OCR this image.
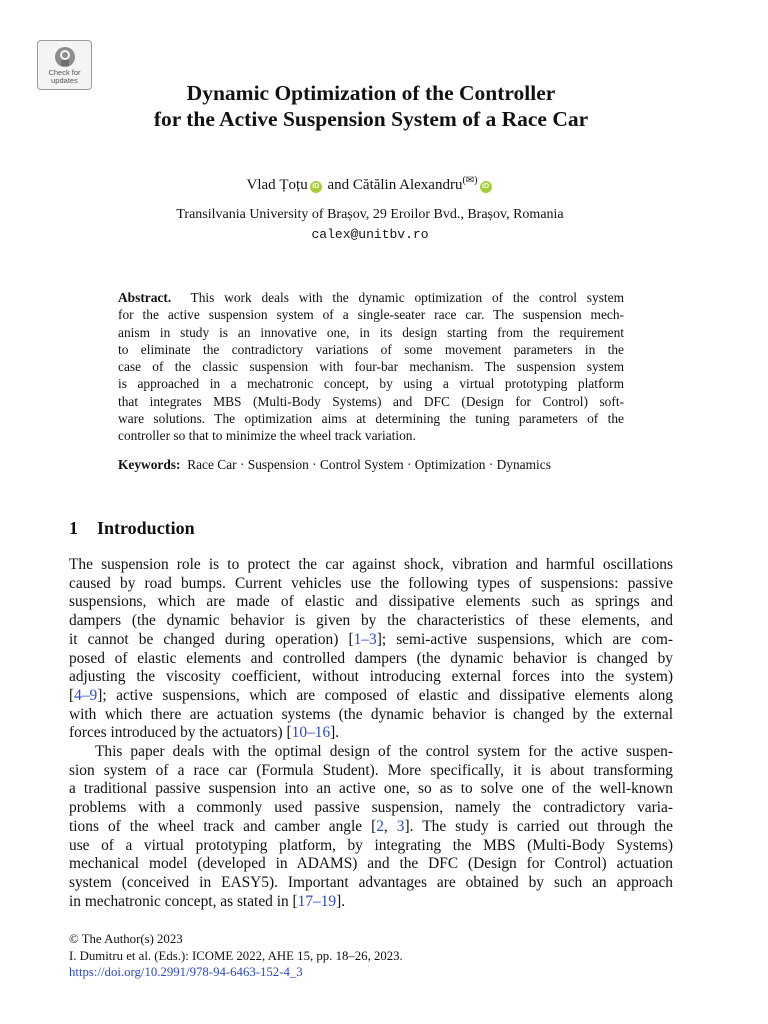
Check for
updates
Dynamic Optimization of the Controller
for the Active Suspension System of a Race Car
Vlad Țoțu iD and Cătălin Alexandru(✉)iD
Transilvania University of Brașov, 29 Eroilor Bvd., Brașov, Romania
calex@unitbv.ro
Abstract. This work deals with the dynamic optimization of the control system
for the active suspension system of a single-seater race car. The suspension mech-
anism in study is an innovative one, in its design starting from the requirement
to eliminate the contradictory variations of some movement parameters in the
case of the classic suspension with four-bar mechanism. The suspension system
is approached in a mechatronic concept, by using a virtual prototyping platform
that integrates MBS (Multi-Body Systems) and DFC (Design for Control) soft-
ware solutions. The optimization aims at determining the tuning parameters of the
controller so that to minimize the wheel track variation.
Keywords: Race Car · Suspension · Control System · Optimization · Dynamics
1 Introduction
The suspension role is to protect the car against shock, vibration and harmful oscillations
caused by road bumps. Current vehicles use the following types of suspensions: passive
suspensions, which are made of elastic and dissipative elements such as springs and
dampers (the dynamic behavior is given by the characteristics of these elements, and
it cannot be changed during operation) [1–3]; semi-active suspensions, which are com-
posed of elastic elements and controlled dampers (the dynamic behavior is changed by
adjusting the viscosity coefficient, without introducing external forces into the system)
[4–9]; active suspensions, which are composed of elastic and dissipative elements along
with which there are actuation systems (the dynamic behavior is changed by the external
forces introduced by the actuators) [10–16].
This paper deals with the optimal design of the control system for the active suspen-
sion system of a race car (Formula Student). More specifically, it is about transforming
a traditional passive suspension into an active one, so as to solve one of the well-known
problems with a commonly used passive suspension, namely the contradictory varia-
tions of the wheel track and camber angle [2, 3]. The study is carried out through the
use of a virtual prototyping platform, by integrating the MBS (Multi-Body Systems)
mechanical model (developed in ADAMS) and the DFC (Design for Control) actuation
system (conceived in EASY5). Important advantages are obtained by such an approach
in mechatronic concept, as stated in [17–19].
© The Author(s) 2023
I. Dumitru et al. (Eds.): ICOME 2022, AHE 15, pp. 18–26, 2023.
https://doi.org/10.2991/978-94-6463-152-4_3
